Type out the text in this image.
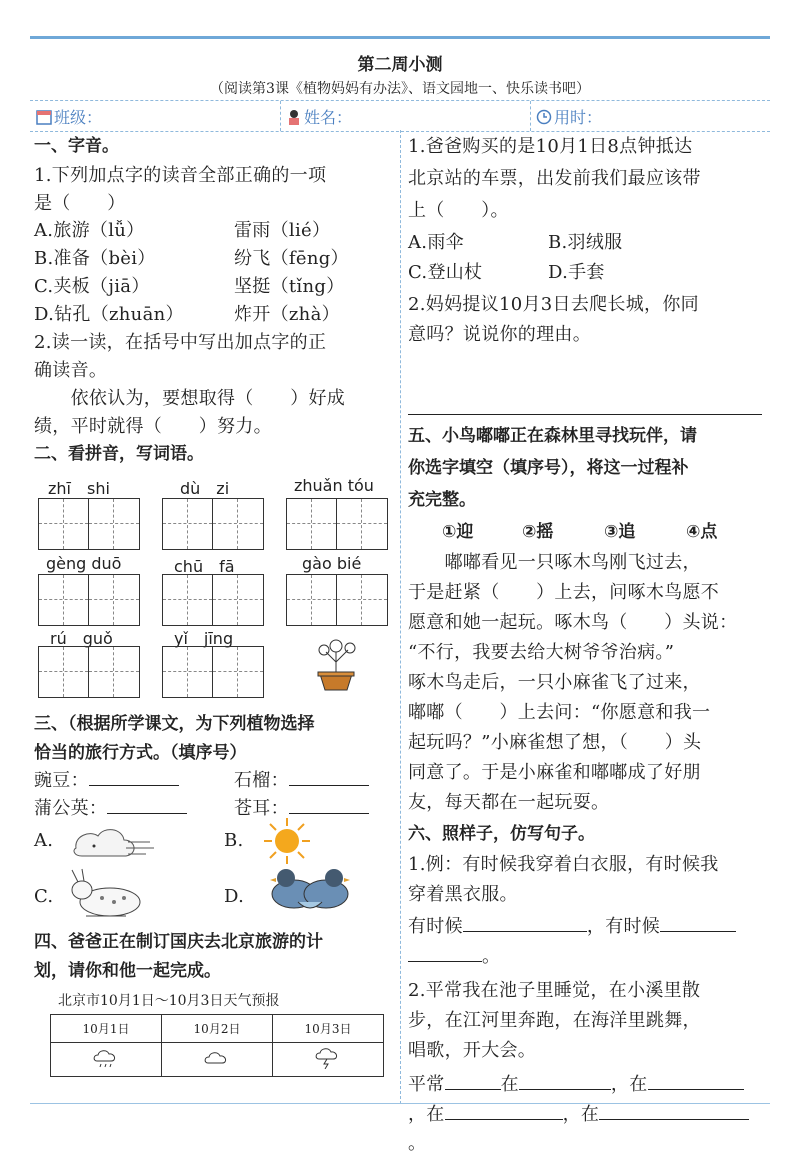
第二周小测
（阅读第3课《植物妈妈有办法》、语文园地一、快乐读书吧）
班级：	姓名：	用时：
一、字音。
1.下列加点字的读音全部正确的一项
是（　　）
A.旅游（lǚ）	雷雨（lié）
B.准备（bèi）	纷飞（fēng）
C.夹板（jiā）	坚挺（tǐng）
D.钻孔（zhuān）	炸开（zhà）
2.读一读，在括号中写出加点字的正
确读音。
　　依依认为，要想取得（　　）好成
绩，平时就得（　　）努力。
二、看拼音，写词语。
zhī　shi	dù　zi	zhuǎn tóu
gèng duō	chū　fā	gào bié
rú　guǒ	yǐ　jīng
三、（根据所学课文，为下列植物选择
恰当的旅行方式。（填序号）
豌豆：	石榴：
蒲公英：	苍耳：
A.	B.
C.	D.
四、爸爸正在制订国庆去北京旅游的计
划，请你和他一起完成。
北京市10月1日～10月3日天气预报
10月1日	10月2日	10月3日

1.爸爸购买的是10月1日8点钟抵达
北京站的车票，出发前我们最应该带
上（　　）。
A.雨伞	B.羽绒服
C.登山杖	D.手套
2.妈妈提议10月3日去爬长城，你同
意吗？说说你的理由。
五、小鸟嘟嘟正在森林里寻找玩伴，请
你选字填空（填序号），将这一过程补
充完整。
①迎	②摇	③追	④点
　　嘟嘟看见一只啄木鸟刚飞过去，
于是赶紧（　　）上去，问啄木鸟愿不
愿意和她一起玩。啄木鸟（　　）头说：
“不行，我要去给大树爷爷治病。”
啄木鸟走后，一只小麻雀飞了过来，
嘟嘟（　　）上去问：“你愿意和我一
起玩吗？”小麻雀想了想，（　　）头
同意了。于是小麻雀和嘟嘟成了好朋
友，每天都在一起玩耍。
六、照样子，仿写句子。
1.例：有时候我穿着白衣服，有时候我
穿着黑衣服。
有时候	，有时候
。
2.平常我在池子里睡觉，在小溪里散
步，在江河里奔跑，在海洋里跳舞，
唱歌，开大会。
平常	在	，在
，在	，在。
